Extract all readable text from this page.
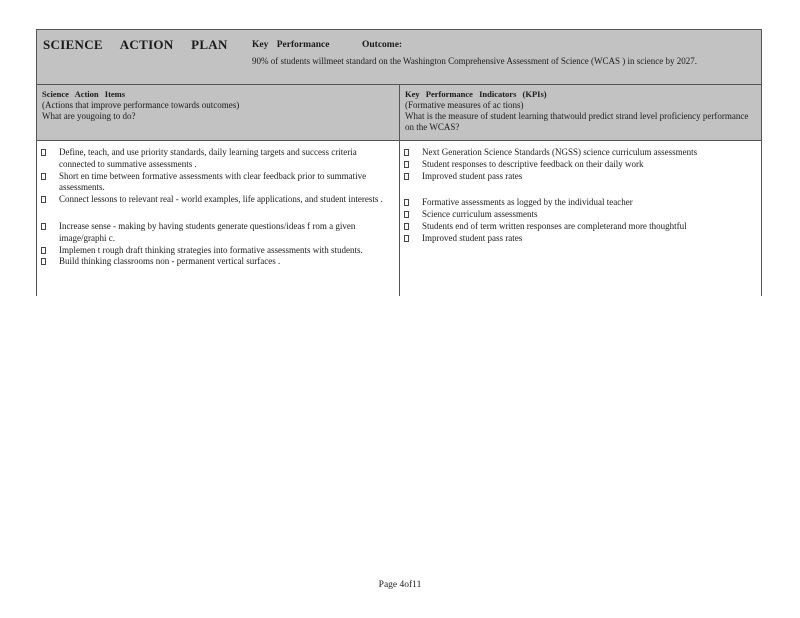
SCIENCE ACTION PLAN	Key Performance	Outcome:
90% of students willmeet standard on the Washington Comprehensive Assessment of Science (WCAS ) in science by 2027.
Science Action Items
(Actions that improve performance towards outcomes)
What are yougoing to do?
Key Performance Indicators (KPIs)
(Formative measures of ac tions)
What is the measure of student learning thatwould predict strand level proficiency performance on the WCAS?
Define, teach, and use priority standards, daily learning targets and success criteria connected to summative assessments .
Short en time between formative assessments with clear feedback prior to summative assessments.
Connect lessons to relevant real - world examples, life applications, and student interests .
Increase sense - making by having students generate questions/ideas f rom a given image/graphi c.
Implemen t rough draft thinking strategies into formative assessments with students.
Build thinking classrooms non - permanent vertical surfaces .
Next Generation Science Standards (NGSS) science curriculum assessments
Student responses to descriptive feedback on their daily work
Improved student pass rates
Formative assessments as logged by the individual teacher
Science curriculum assessments
Students end of term written responses are completerand more thoughtful
Improved student pass rates
Page 4of11
